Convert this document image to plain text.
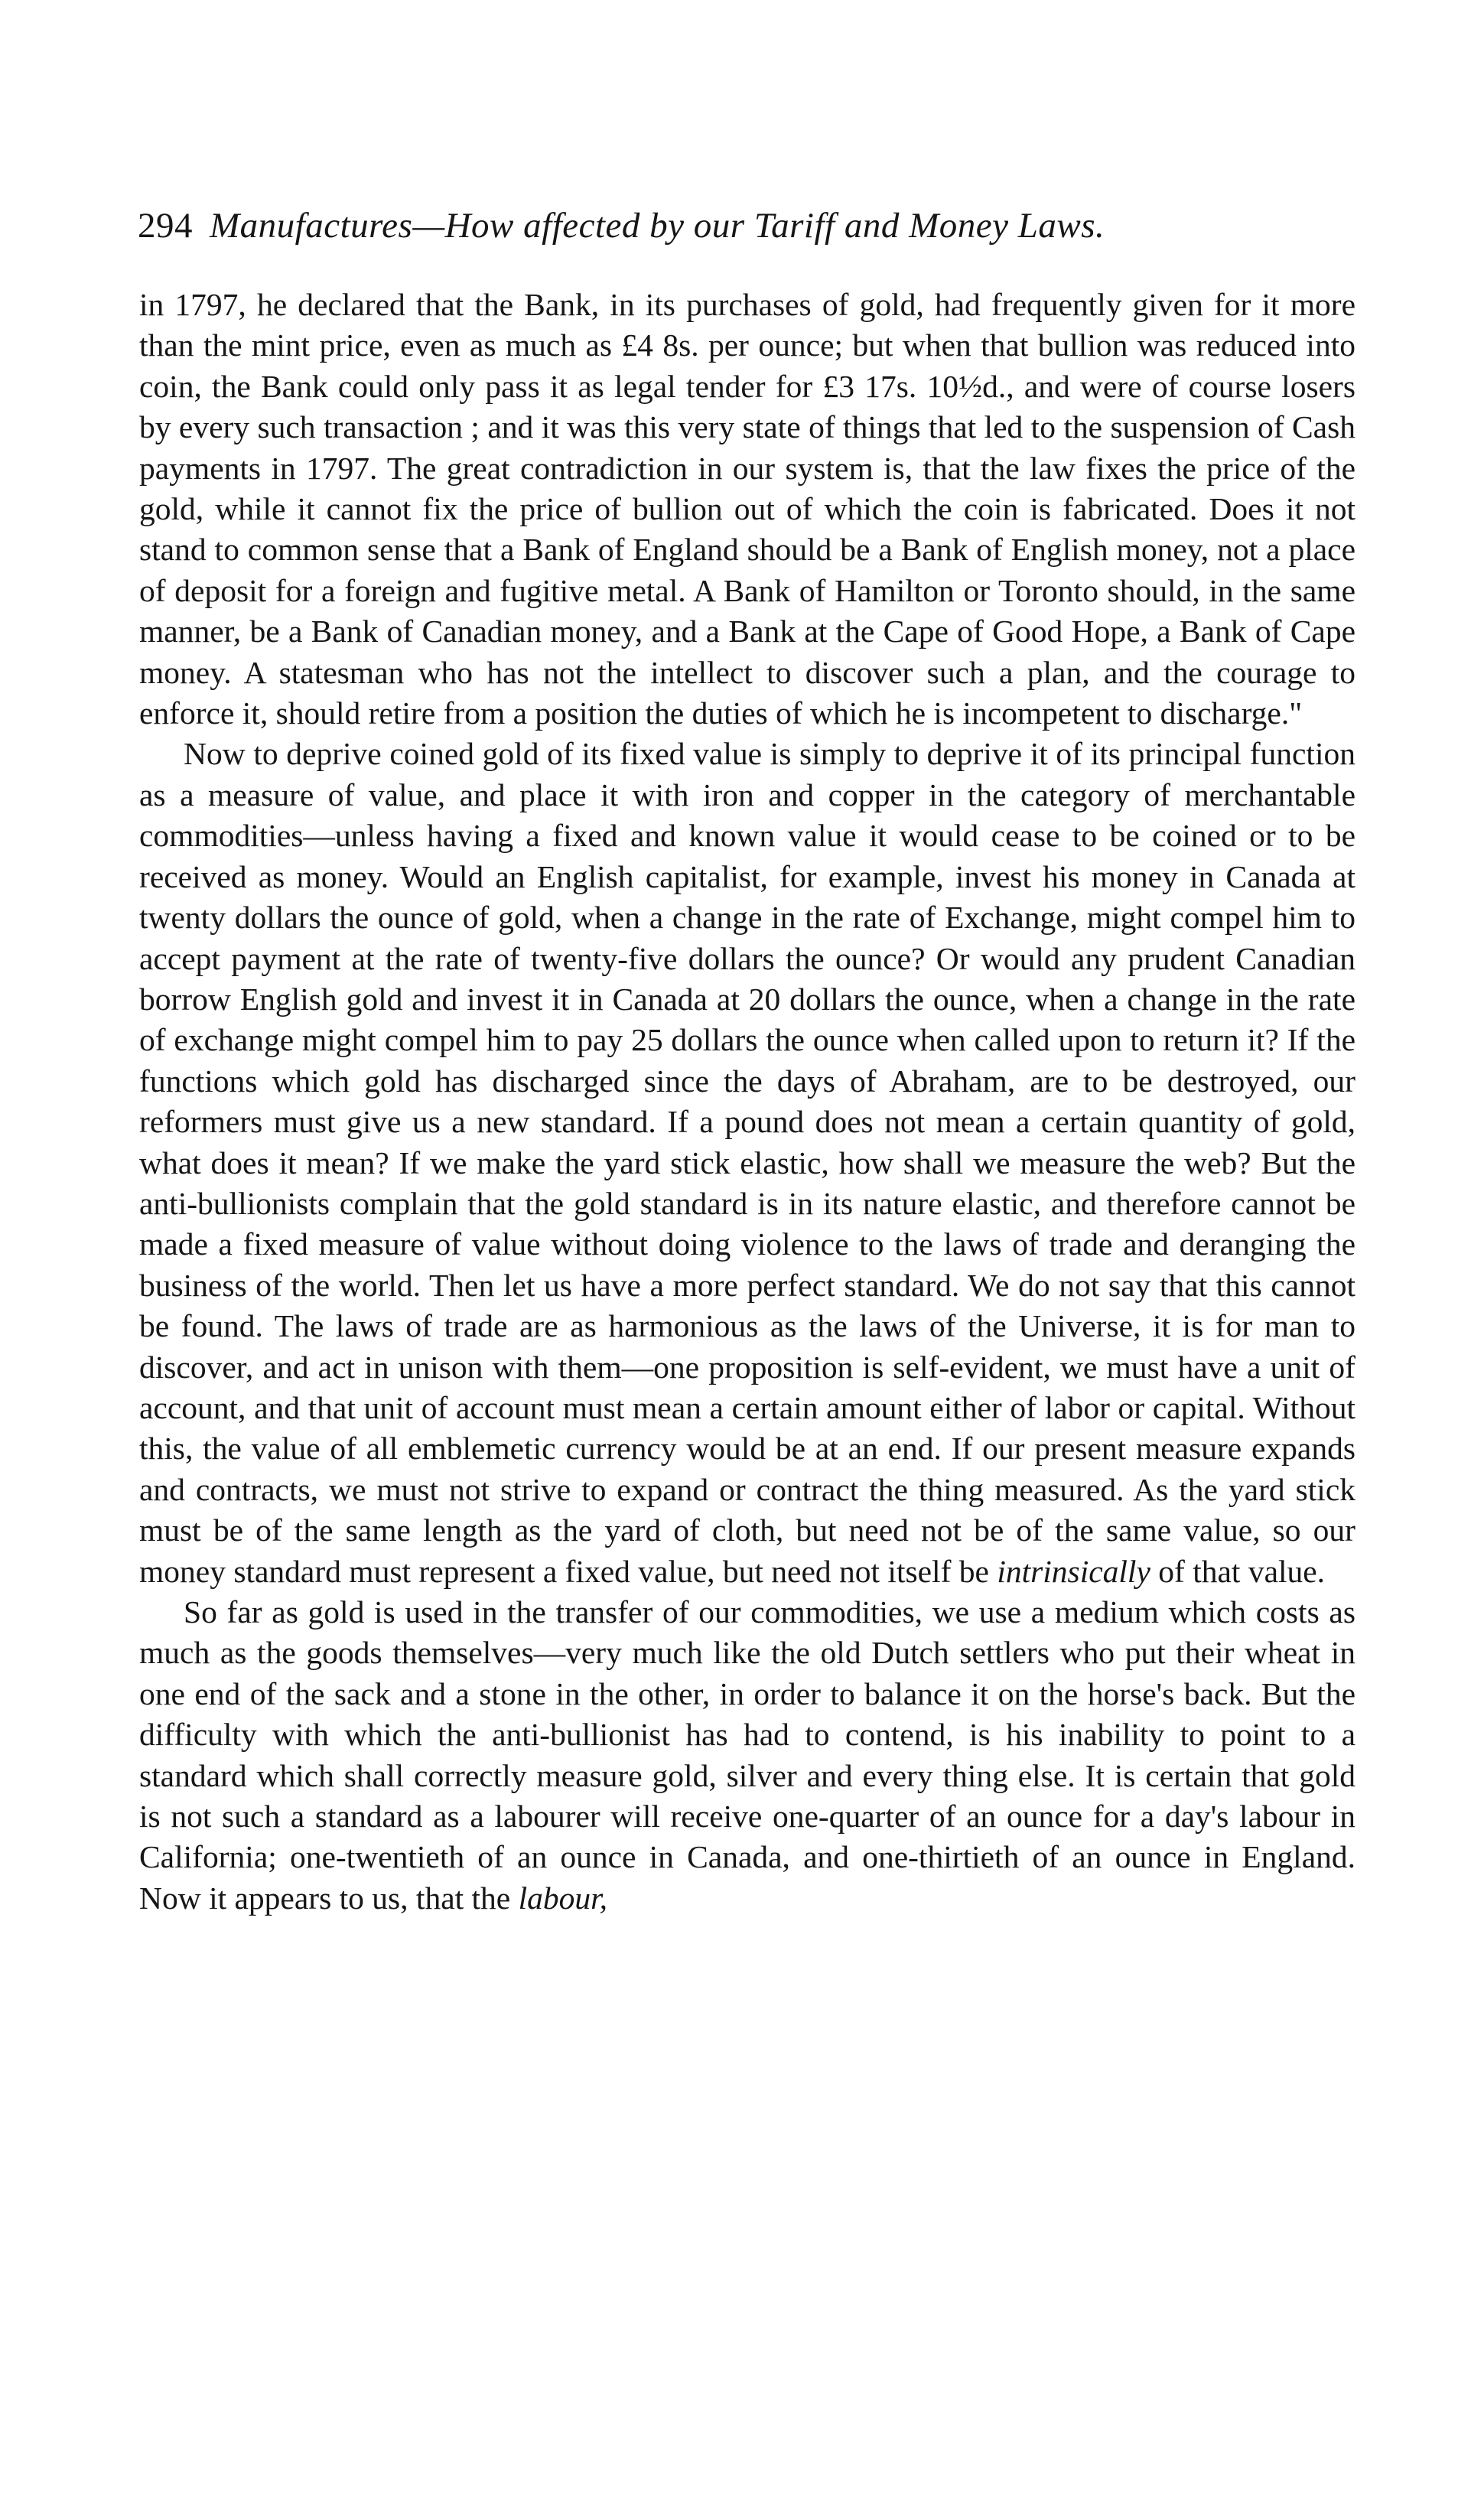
294 Manufactures—How affected by our Tariff and Money Laws.

in 1797, he declared that the Bank, in its purchases of gold, had frequently given for it more than the mint price, even as much as £4 8s. per ounce; but when that bullion was reduced into coin, the Bank could only pass it as legal tender for £3 17s. 10½d., and were of course losers by every such transaction ; and it was this very state of things that led to the suspension of Cash payments in 1797. The great contradiction in our system is, that the law fixes the price of the gold, while it cannot fix the price of bullion out of which the coin is fabricated. Does it not stand to common sense that a Bank of England should be a Bank of English money, not a place of deposit for a foreign and fugitive metal. A Bank of Hamilton or Toronto should, in the same manner, be a Bank of Canadian money, and a Bank at the Cape of Good Hope, a Bank of Cape money. A statesman who has not the intellect to discover such a plan, and the courage to enforce it, should retire from a position the duties of which he is incompetent to discharge."

Now to deprive coined gold of its fixed value is simply to deprive it of its principal function as a measure of value, and place it with iron and copper in the category of merchantable commodities—unless having a fixed and known value it would cease to be coined or to be received as money. Would an English capitalist, for example, invest his money in Canada at twenty dollars the ounce of gold, when a change in the rate of Exchange, might compel him to accept payment at the rate of twenty-five dollars the ounce? Or would any prudent Canadian borrow English gold and invest it in Canada at 20 dollars the ounce, when a change in the rate of exchange might compel him to pay 25 dollars the ounce when called upon to return it? If the functions which gold has discharged since the days of Abraham, are to be destroyed, our reformers must give us a new standard. If a pound does not mean a certain quantity of gold, what does it mean? If we make the yard stick elastic, how shall we measure the web? But the anti-bullionists complain that the gold standard is in its nature elastic, and therefore cannot be made a fixed measure of value without doing violence to the laws of trade and deranging the business of the world. Then let us have a more perfect standard. We do not say that this cannot be found. The laws of trade are as harmonious as the laws of the Universe, it is for man to discover, and act in unison with them—one proposition is self-evident, we must have a unit of account, and that unit of account must mean a certain amount either of labor or capital. Without this, the value of all emblemetic currency would be at an end. If our present measure expands and contracts, we must not strive to expand or contract the thing measured. As the yard stick must be of the same length as the yard of cloth, but need not be of the same value, so our money standard must represent a fixed value, but need not itself be intrinsically of that value.

So far as gold is used in the transfer of our commodities, we use a medium which costs as much as the goods themselves—very much like the old Dutch settlers who put their wheat in one end of the sack and a stone in the other, in order to balance it on the horse's back. But the difficulty with which the anti-bullionist has had to contend, is his inability to point to a standard which shall correctly measure gold, silver and every thing else. It is certain that gold is not such a standard as a labourer will receive one-quarter of an ounce for a day's labour in California; one-twentieth of an ounce in Canada, and one-thirtieth of an ounce in England. Now it appears to us, that the labour,
